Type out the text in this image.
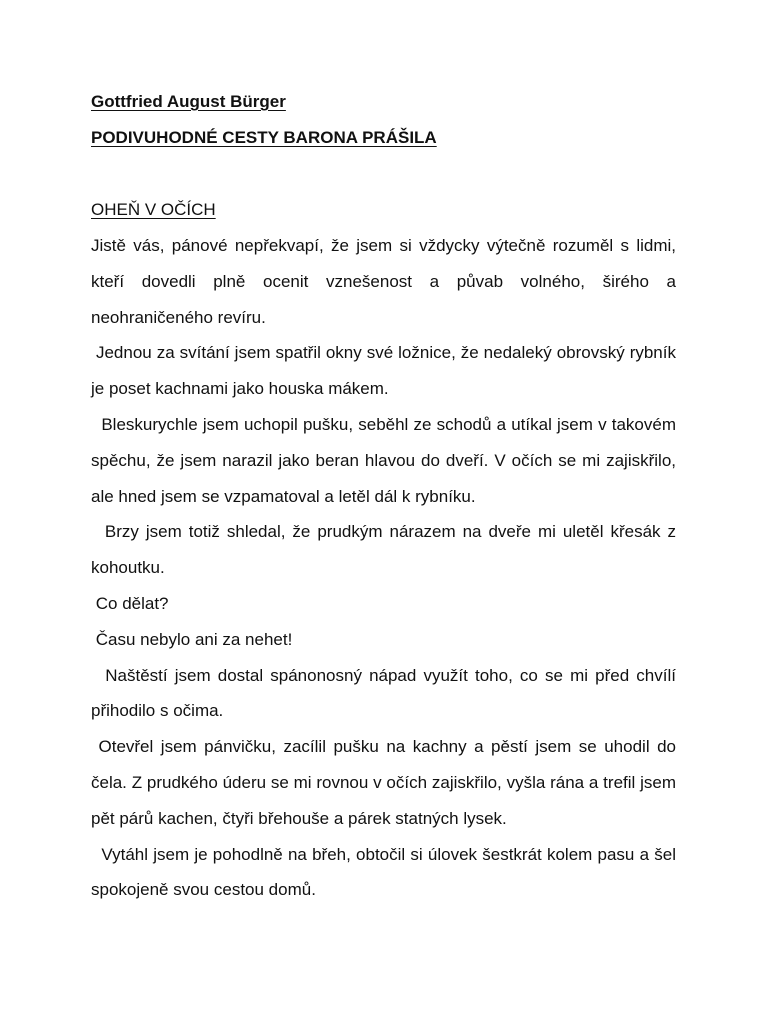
Gottfried August Bürger

PODIVUHODNÉ CESTY BARONA PRÁŠILA

OHEŇ V OČÍCH

Jistě vás, pánové nepřekvapí, že jsem si vždycky výtečně rozuměl s lidmi, kteří dovedli plně ocenit vznešenost a půvab volného, širého a neohraničeného revíru.

Jednou za svítání jsem spatřil okny své ložnice, že nedaleký obrovský rybník je poset kachnami jako houska mákem.

Bleskurychle jsem uchopil pušku, seběhl ze schodů a utíkal jsem v takovém spěchu, že jsem narazil jako beran hlavou do dveří. V očích se mi zajiskřilo, ale hned jsem se vzpamatoval a letěl dál k rybníku.

Brzy jsem totiž shledal, že prudkým nárazem na dveře mi uletěl křesák z kohoutku.

Co dělat?

Času nebylo ani za nehet!

Naštěstí jsem dostal spánonosný nápad využít toho, co se mi před chvílí přihodilo s očima.

Otevřel jsem pánvičku, zacílil pušku na kachny a pěstí jsem se uhodil do čela. Z prudkého úderu se mi rovnou v očích zajiskřilo, vyšla rána a trefil jsem pět párů kachen, čtyři břehouše a párek statných lysek.

Vytáhl jsem je pohodlně na břeh, obtočil si úlovek šestkrát kolem pasu a šel spokojeně svou cestou domů.
